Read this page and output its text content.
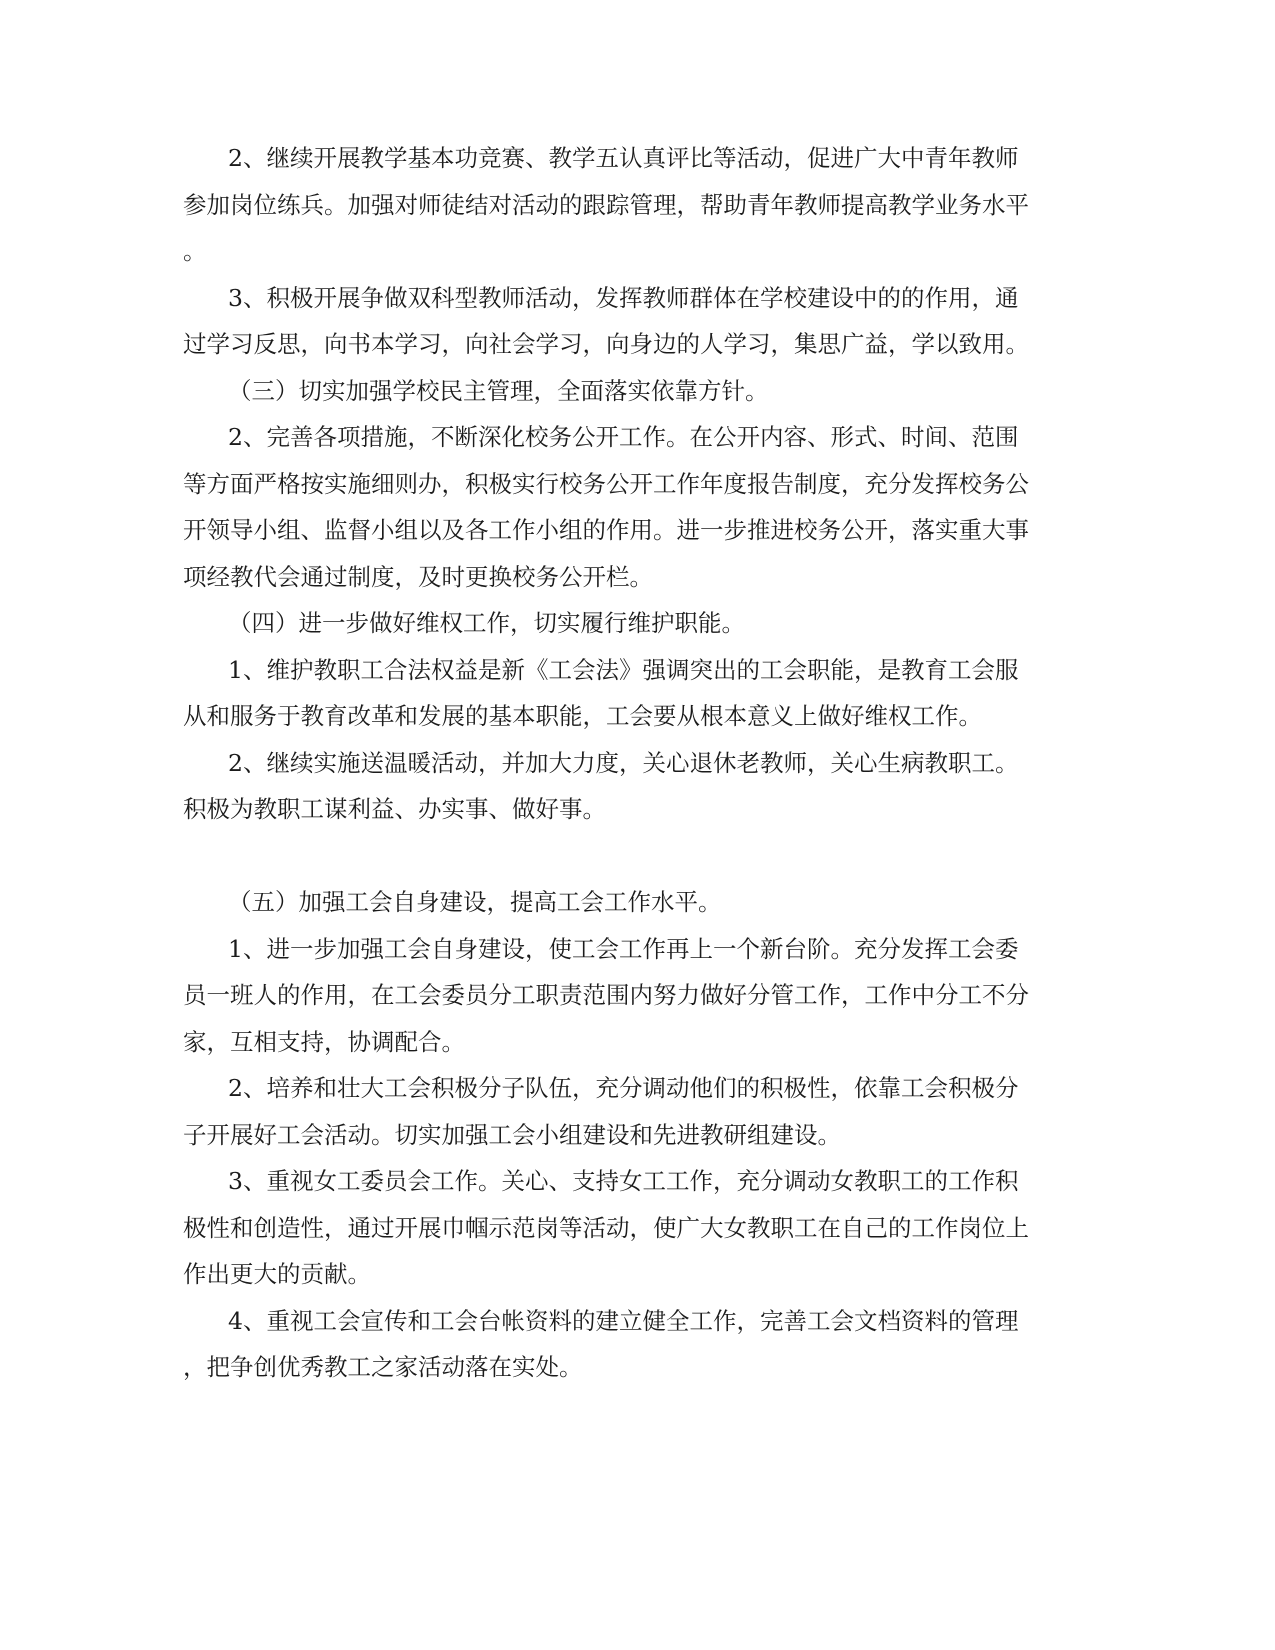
2、继续开展教学基本功竞赛、教学五认真评比等活动，促进广大中青年教师
参加岗位练兵。加强对师徒结对活动的跟踪管理，帮助青年教师提高教学业务水平
。
3、积极开展争做双科型教师活动，发挥教师群体在学校建设中的的作用，通
过学习反思，向书本学习，向社会学习，向身边的人学习，集思广益，学以致用。
（三）切实加强学校民主管理，全面落实依靠方针。
2、完善各项措施，不断深化校务公开工作。在公开内容、形式、时间、范围
等方面严格按实施细则办，积极实行校务公开工作年度报告制度，充分发挥校务公
开领导小组、监督小组以及各工作小组的作用。进一步推进校务公开，落实重大事
项经教代会通过制度，及时更换校务公开栏。
（四）进一步做好维权工作，切实履行维护职能。
1、维护教职工合法权益是新《工会法》强调突出的工会职能，是教育工会服
从和服务于教育改革和发展的基本职能，工会要从根本意义上做好维权工作。
2、继续实施送温暖活动，并加大力度，关心退休老教师，关心生病教职工。
积极为教职工谋利益、办实事、做好事。
（五）加强工会自身建设，提高工会工作水平。
1、进一步加强工会自身建设，使工会工作再上一个新台阶。充分发挥工会委
员一班人的作用，在工会委员分工职责范围内努力做好分管工作，工作中分工不分
家，互相支持，协调配合。
2、培养和壮大工会积极分子队伍，充分调动他们的积极性，依靠工会积极分
子开展好工会活动。切实加强工会小组建设和先进教研组建设。
3、重视女工委员会工作。关心、支持女工工作，充分调动女教职工的工作积
极性和创造性，通过开展巾帼示范岗等活动，使广大女教职工在自己的工作岗位上
作出更大的贡献。
4、重视工会宣传和工会台帐资料的建立健全工作，完善工会文档资料的管理
，把争创优秀教工之家活动落在实处。
